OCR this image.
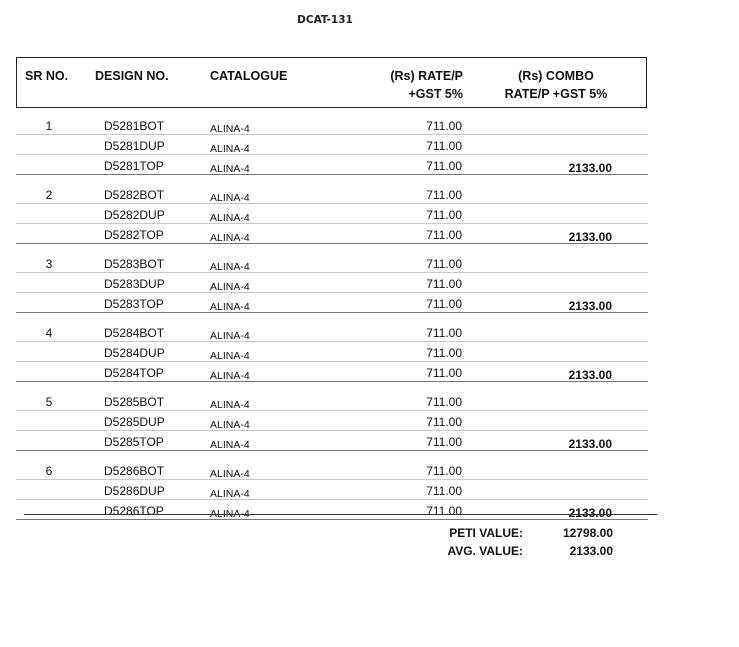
DCAT-131
SR NO. DESIGN NO.	CATALOGUE	(Rs) RATE/P
+GST 5%
(Rs) COMBO
RATE/P +GST 5%
1	D5281BOT	ALINA-4	711.00
D5281DUP	ALINA-4	711.00
D5281TOP	ALINA-4	711.00	2133.00
2	D5282BOT	ALINA-4	711.00
D5282DUP	ALINA-4	711.00
D5282TOP	ALINA-4	711.00	2133.00
3	D5283BOT	ALINA-4	711.00
D5283DUP	ALINA-4	711.00
D5283TOP	ALINA-4	711.00	2133.00
4	D5284BOT	ALINA-4	711.00
D5284DUP	ALINA-4	711.00
D5284TOP	ALINA-4	711.00	2133.00
5	D5285BOT	ALINA-4	711.00
D5285DUP	ALINA-4	711.00
D5285TOP	ALINA-4	711.00	2133.00
6	D5286BOT	ALINA-4	711.00
D5286DUP	ALINA-4	711.00
D5286TOP	ALINA-4	711.00	2133.00
PETI VALUE:	12798.00
AVG. VALUE:	2133.00
